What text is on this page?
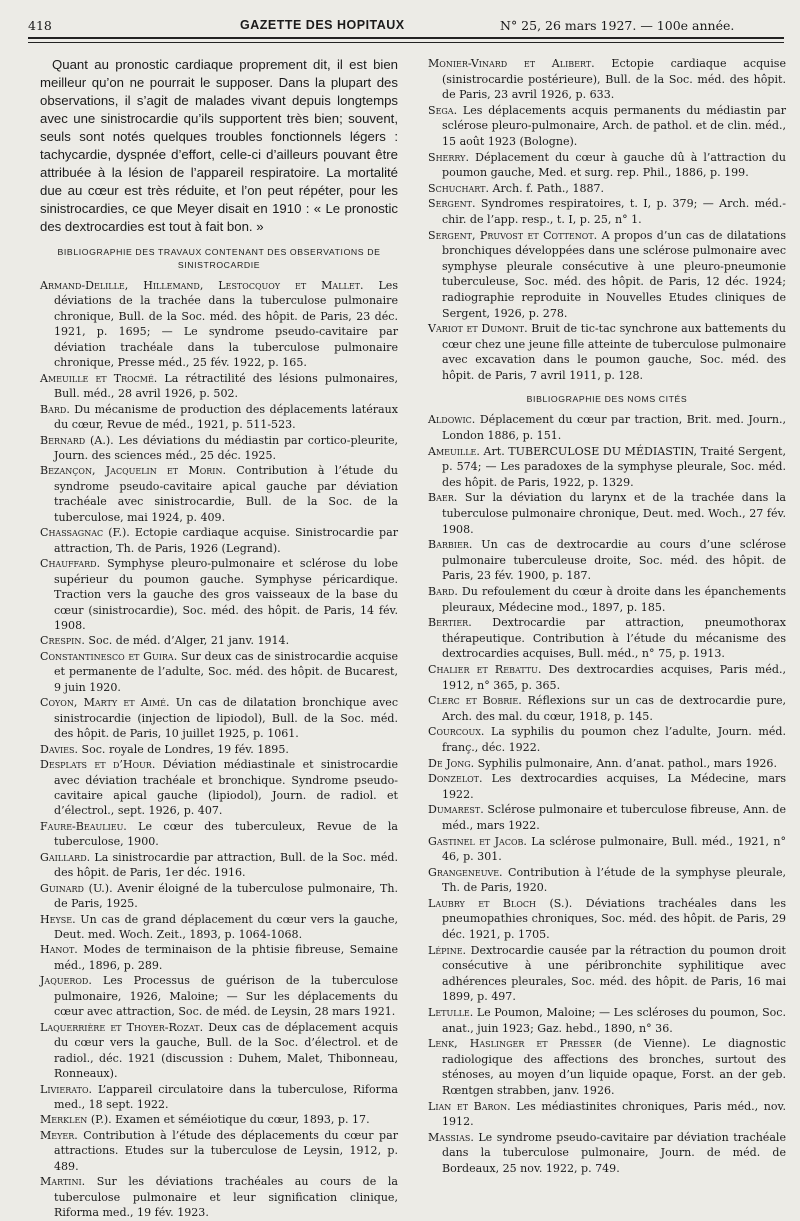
418	GAZETTE DES HOPITAUX	N° 25, 26 mars 1927. — 100e année.

Quant au pronostic cardiaque proprement dit, il est bien meilleur qu’on ne pourrait le supposer. Dans la plupart des observations, il s’agit de malades vivant depuis longtemps avec une sinistrocardie qu’ils supportent très bien; souvent, seuls sont notés quelques troubles fonctionnels légers : tachycardie, dyspnée d’effort, celle-ci d’ailleurs pouvant être attribuée à la lésion de l’appareil respiratoire. La mortalité due au cœur est très réduite, et l’on peut répéter, pour les sinistrocardies, ce que Meyer disait en 1910 : « Le pronostic des dextrocardies est tout à fait bon. »

BIBLIOGRAPHIE DES TRAVAUX CONTENANT DES OBSERVATIONS DE SINISTROCARDIE

Armand-Delille, Hillemand, Lestocquoy et Mallet. Les déviations de la trachée dans la tuberculose pulmonaire chronique, Bull. de la Soc. méd. des hôpit. de Paris, 23 déc. 1921, p. 1695; — Le syndrome pseudo-cavitaire par déviation trachéale dans la tuberculose pulmonaire chronique, Presse méd., 25 fév. 1922, p. 165.

Ameuille et Trocmé. La rétractilité des lésions pulmonaires, Bull. méd., 28 avril 1926, p. 502.

Bard. Du mécanisme de production des déplacements latéraux du cœur, Revue de méd., 1921, p. 511-523.

Bernard (A.). Les déviations du médiastin par cortico-pleurite, Journ. des sciences méd., 25 déc. 1925.

Bezançon, Jacquelin et Morin. Contribution à l’étude du syndrome pseudo-cavitaire apical gauche par déviation trachéale avec sinistrocardie, Bull. de la Soc. de la tuberculose, mai 1924, p. 409.

Chassagnac (F.). Ectopie cardiaque acquise. Sinistrocardie par attraction, Th. de Paris, 1926 (Legrand).

Chauffard. Symphyse pleuro-pulmonaire et sclérose du lobe supérieur du poumon gauche. Symphyse péricardique. Traction vers la gauche des gros vaisseaux de la base du cœur (sinistrocardie), Soc. méd. des hôpit. de Paris, 14 fév. 1908.

Crespin. Soc. de méd. d’Alger, 21 janv. 1914.

Constantinesco et Guira. Sur deux cas de sinistrocardie acquise et permanente de l’adulte, Soc. méd. des hôpit. de Bucarest, 9 juin 1920.

Coyon, Marty et Aimé. Un cas de dilatation bronchique avec sinistrocardie (injection de lipiodol), Bull. de la Soc. méd. des hôpit. de Paris, 10 juillet 1925, p. 1061.

Davies. Soc. royale de Londres, 19 fév. 1895.

Desplats et d’Hour. Déviation médiastinale et sinistrocardie avec déviation trachéale et bronchique. Syndrome pseudo-cavitaire apical gauche (lipiodol), Journ. de radiol. et d’électrol., sept. 1926, p. 407.

Faure-Beaulieu. Le cœur des tuberculeux, Revue de la tuberculose, 1900.

Gaillard. La sinistrocardie par attraction, Bull. de la Soc. méd. des hôpit. de Paris, 1er déc. 1916.

Guinard (U.). Avenir éloigné de la tuberculose pulmonaire, Th. de Paris, 1925.

Heyse. Un cas de grand déplacement du cœur vers la gauche, Deut. med. Woch. Zeit., 1893, p. 1064-1068.

Hanot. Modes de terminaison de la phtisie fibreuse, Semaine méd., 1896, p. 289.

Jaquerod. Les Processus de guérison de la tuberculose pulmonaire, 1926, Maloine; — Sur les déplacements du cœur avec attraction, Soc. de méd. de Leysin, 28 mars 1921.

Laquerrière et Thoyer-Rozat. Deux cas de déplacement acquis du cœur vers la gauche, Bull. de la Soc. d’électrol. et de radiol., déc. 1921 (discussion : Duhem, Malet, Thibonneau, Ronneaux).

Livierato. L’appareil circulatoire dans la tuberculose, Riforma med., 18 sept. 1922.

Merklen (P.). Examen et séméiotique du cœur, 1893, p. 17.

Meyer. Contribution à l’étude des déplacements du cœur par attractions. Etudes sur la tuberculose de Leysin, 1912, p. 489.

Martini. Sur les déviations trachéales au cours de la tuberculose pulmonaire et leur signification clinique, Riforma med., 19 fév. 1923.

Monier-Vinard et Alibert. Ectopie cardiaque acquise (sinistrocardie postérieure), Bull. de la Soc. méd. des hôpit. de Paris, 23 avril 1926, p. 633.

Sega. Les déplacements acquis permanents du médiastin par sclérose pleuro-pulmonaire, Arch. de pathol. et de clin. méd., 15 août 1923 (Bologne).

Sherry. Déplacement du cœur à gauche dû à l’attraction du poumon gauche, Med. et surg. rep. Phil., 1886, p. 199.

Schuchart. Arch. f. Path., 1887.

Sergent. Syndromes respiratoires, t. I, p. 379; — Arch. méd.-chir. de l’app. resp., t. I, p. 25, n° 1.

Sergent, Pruvost et Cottenot. A propos d’un cas de dilatations bronchiques développées dans une sclérose pulmonaire avec symphyse pleurale consécutive à une pleuro-pneumonie tuberculeuse, Soc. méd. des hôpit. de Paris, 12 déc. 1924; radiographie reproduite in Nouvelles Etudes cliniques de Sergent, 1926, p. 278.

Variot et Dumont. Bruit de tic-tac synchrone aux battements du cœur chez une jeune fille atteinte de tuberculose pulmonaire avec excavation dans le poumon gauche, Soc. méd. des hôpit. de Paris, 7 avril 1911, p. 128.

BIBLIOGRAPHIE DES NOMS CITÉS

Aldowic. Déplacement du cœur par traction, Brit. med. Journ., London 1886, p. 151.

Ameuille. Art. TUBERCULOSE DU MÉDIASTIN, Traité Sergent, p. 574; — Les paradoxes de la symphyse pleurale, Soc. méd. des hôpit. de Paris, 1922, p. 1329.

Baer. Sur la déviation du larynx et de la trachée dans la tuberculose pulmonaire chronique, Deut. med. Woch., 27 fév. 1908.

Barbier. Un cas de dextrocardie au cours d’une sclérose pulmonaire tuberculeuse droite, Soc. méd. des hôpit. de Paris, 23 fév. 1900, p. 187.

Bard. Du refoulement du cœur à droite dans les épanchements pleuraux, Médecine mod., 1897, p. 185.

Bertier. Dextrocardie par attraction, pneumothorax thérapeutique. Contribution à l’étude du mécanisme des dextrocardies acquises, Bull. méd., n° 75, p. 1913.

Chalier et Rebattu. Des dextrocardies acquises, Paris méd., 1912, n° 365, p. 365.

Clerc et Bobrie. Réflexions sur un cas de dextrocardie pure, Arch. des mal. du cœur, 1918, p. 145.

Courcoux. La syphilis du poumon chez l’adulte, Journ. méd. franç., déc. 1922.

De Jong. Syphilis pulmonaire, Ann. d’anat. pathol., mars 1926.

Donzelot. Les dextrocardies acquises, La Médecine, mars 1922.

Dumarest. Sclérose pulmonaire et tuberculose fibreuse, Ann. de méd., mars 1922.

Gastinel et Jacob. La sclérose pulmonaire, Bull. méd., 1921, n° 46, p. 301.

Grangeneuve. Contribution à l’étude de la symphyse pleurale, Th. de Paris, 1920.

Laubry et Bloch (S.). Déviations trachéales dans les pneumopathies chroniques, Soc. méd. des hôpit. de Paris, 29 déc. 1921, p. 1705.

Lépine. Dextrocardie causée par la rétraction du poumon droit consécutive à une péribronchite syphilitique avec adhérences pleurales, Soc. méd. des hôpit. de Paris, 16 mai 1899, p. 497.

Letulle. Le Poumon, Maloine; — Les scléroses du poumon, Soc. anat., juin 1923; Gaz. hebd., 1890, n° 36.

Lenk, Haslinger et Presser (de Vienne). Le diagnostic radiologique des affections des bronches, surtout des sténoses, au moyen d’un liquide opaque, Forst. an der geb. Rœntgen strabben, janv. 1926.

Lian et Baron. Les médiastinites chroniques, Paris méd., nov. 1912.

Massias. Le syndrome pseudo-cavitaire par déviation trachéale dans la tuberculose pulmonaire, Journ. de méd. de Bordeaux, 25 nov. 1922, p. 749.
